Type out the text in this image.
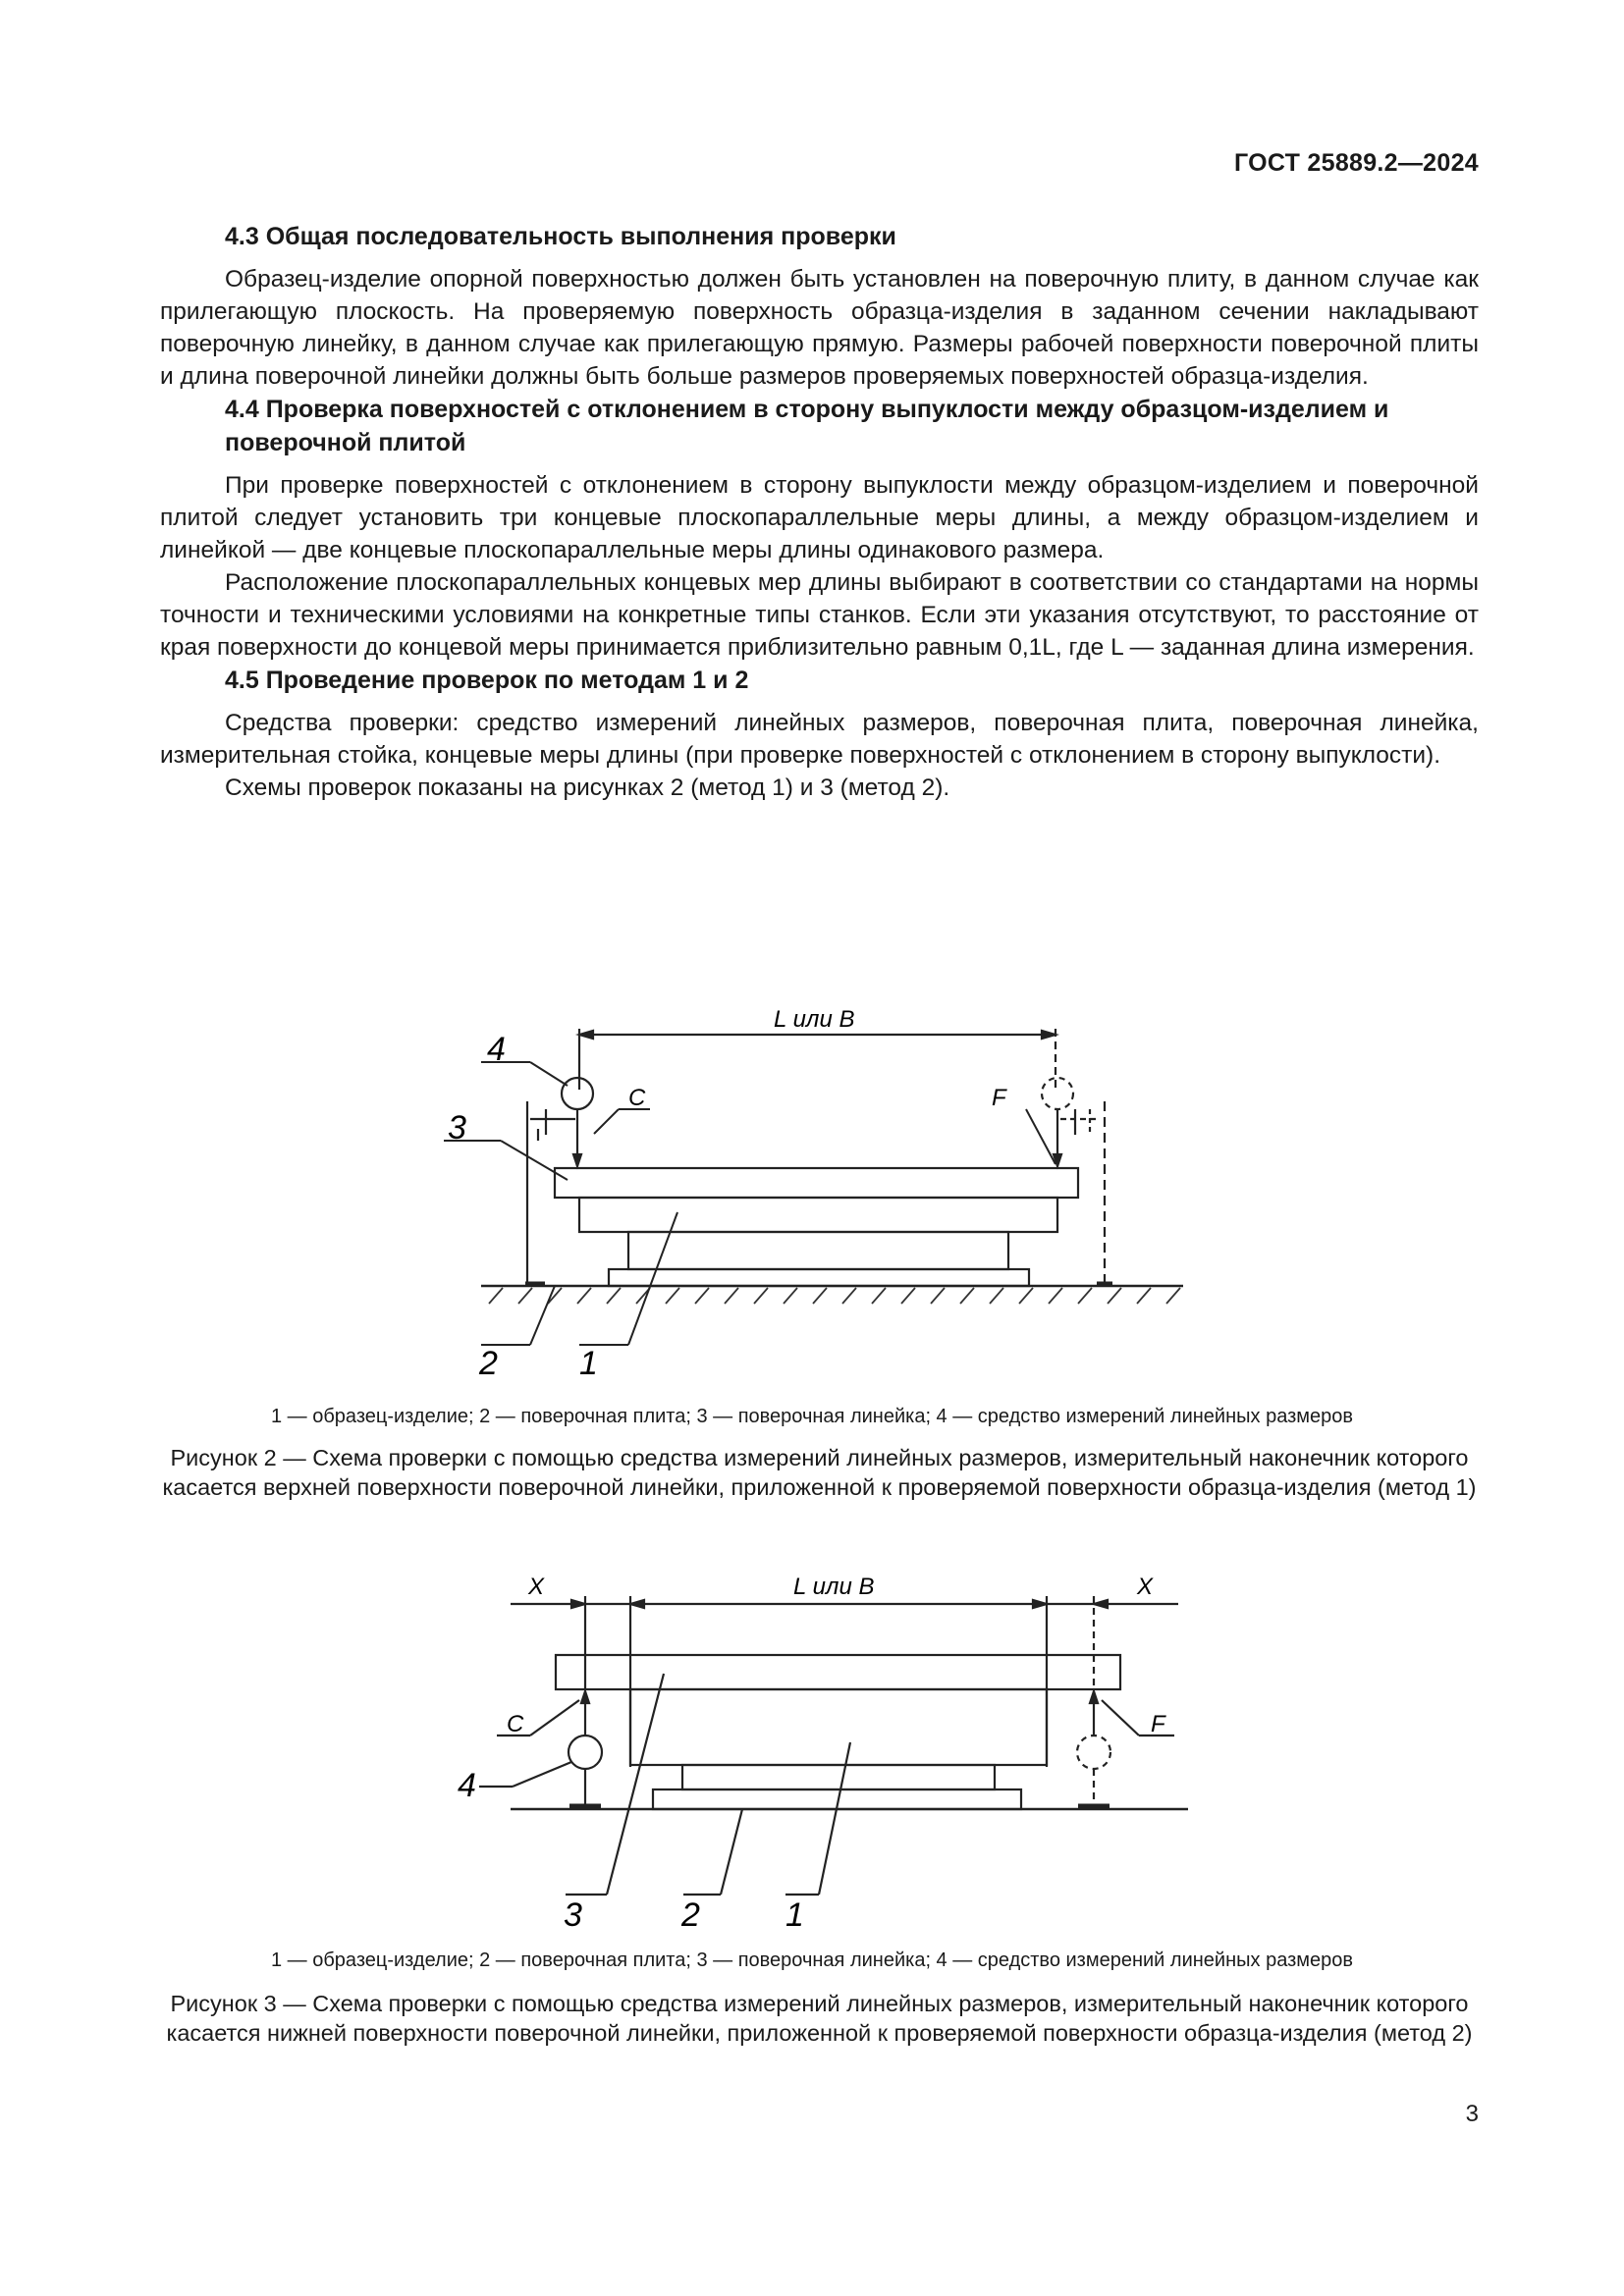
ГОСТ 25889.2—2024
4.3 Общая последовательность выполнения проверки

Образец-изделие опорной поверхностью должен быть установлен на поверочную плиту, в данном случае как прилегающую плоскость. На проверяемую поверхность образца-изделия в заданном сечении накладывают поверочную линейку, в данном случае как прилегающую прямую. Размеры рабочей поверхности поверочной плиты и длина поверочной линейки должны быть больше размеров проверяемых поверхностей образца-изделия.

4.4 Проверка поверхностей с отклонением в сторону выпуклости между образцом-изделием и поверочной плитой

При проверке поверхностей с отклонением в сторону выпуклости между образцом-изделием и поверочной плитой следует установить три концевые плоскопараллельные меры длины, а между образцом-изделием и линейкой — две концевые плоскопараллельные меры длины одинакового размера.

Расположение плоскопараллельных концевых мер длины выбирают в соответствии со стандартами на нормы точности и техническими условиями на конкретные типы станков. Если эти указания отсутствуют, то расстояние от края поверхности до концевой меры принимается приблизительно равным 0,1L, где L — заданная длина измерения.

4.5 Проведение проверок по методам 1 и 2

Средства проверки: средство измерений линейных размеров, поверочная плита, поверочная линейка, измерительная стойка, концевые меры длины (при проверке поверхностей с отклонением в сторону выпуклости).

Схемы проверок показаны на рисунках 2 (метод 1) и 3 (метод 2).

4
3
2 1
C	F
L или B
1 — образец-изделие; 2 — поверочная плита; 3 — поверочная линейка; 4 — средство измерений линейных размеров
Рисунок 2 — Схема проверки с помощью средства измерений линейных размеров, измерительный наконечник которого касается верхней поверхности поверочной линейки, приложенной к проверяемой поверхности образца-изделия (метод 1)
X	X
L или B
C	F
4
3	2	1
1 — образец-изделие; 2 — поверочная плита; 3 — поверочная линейка; 4 — средство измерений линейных размеров
Рисунок 3 — Схема проверки с помощью средства измерений линейных размеров, измерительный наконечник которого касается нижней поверхности поверочной линейки, приложенной к проверяемой поверхности образца-изделия (метод 2)
3
